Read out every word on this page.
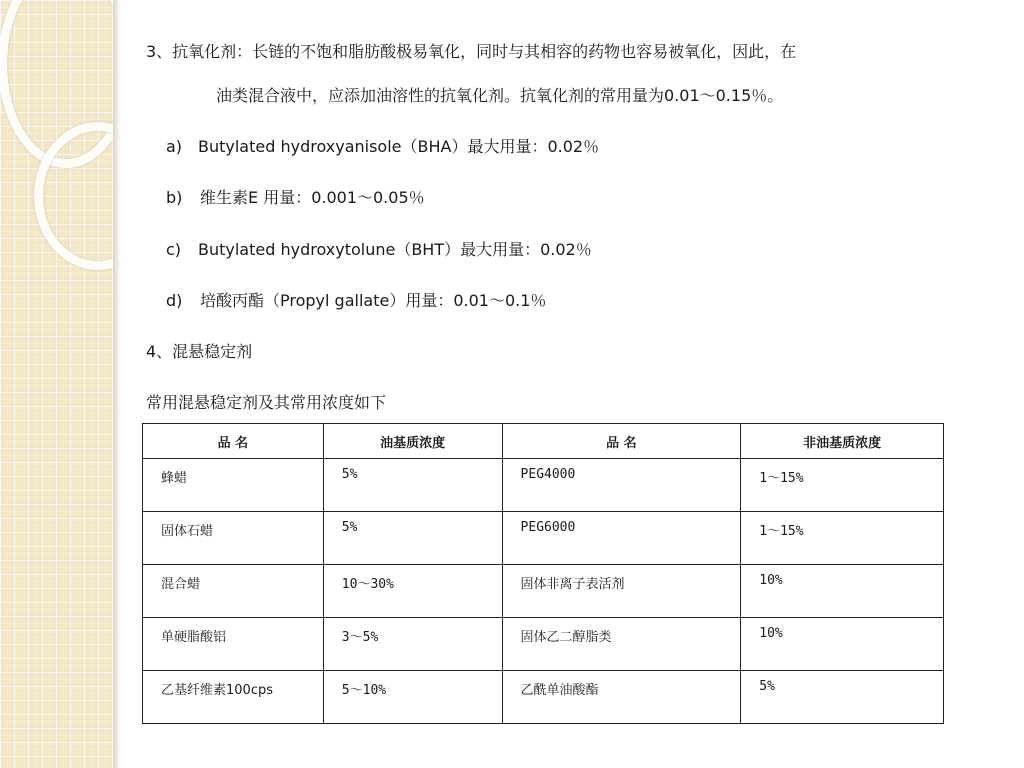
3、抗氧化剂：长链的不饱和脂肪酸极易氧化，同时与其相容的药物也容易被氧化，因此，在
油类混合液中，应添加油溶性的抗氧化剂。抗氧化剂的常用量为0.01～0.15％。
a) Butylated hydroxyanisole（BHA）最大用量：0.02％
b) 维生素E 用量：0.001～0.05％
c) Butylated hydroxytolune（BHT）最大用量：0.02％
d) 培酸丙酯（Propyl gallate）用量：0.01～0.1％
4、混悬稳定剂
常用混悬稳定剂及其常用浓度如下
品 名	油基质浓度	品 名	非油基质浓度
蜂蜡	5%	PEG4000	1～15%
固体石蜡	5%	PEG6000	1～15%
混合蜡	10～30%	固体非离子表活剂	10%
单硬脂酸铝	3～5%	固体乙二醇脂类	10%
乙基纤维素100cps	5～10%	乙酰单油酸酯	5%
